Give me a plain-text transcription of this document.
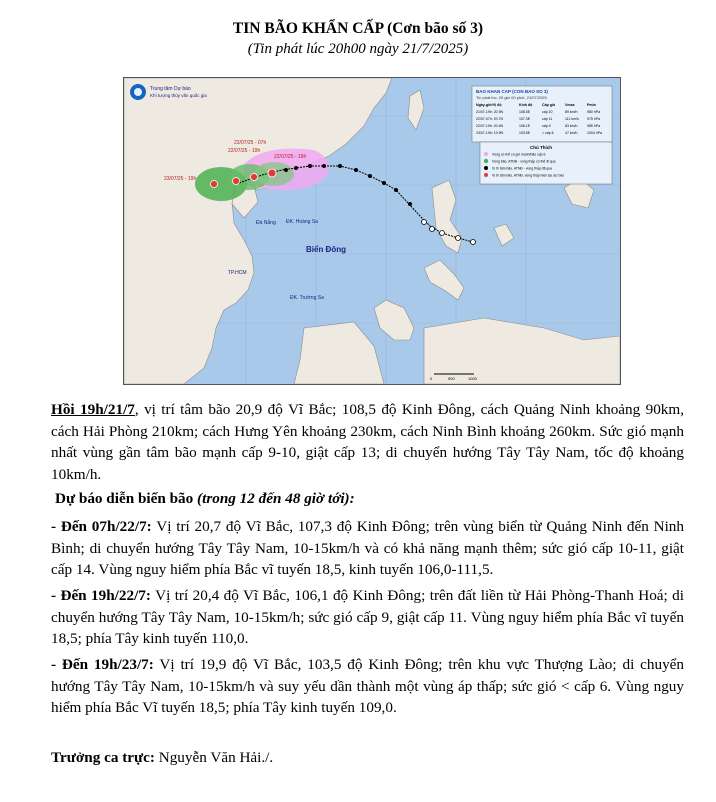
TIN BÃO KHẨN CẤP (Cơn bão số 3)
(Tin phát lúc 20h00 ngày 21/7/2025)
Trung tâm Dự báo
Khí tượng thủy văn quốc gia
22/07/25 - 19h
22/07/25 - 07h
22/07/25 - 19h
23/07/25 - 19h
Đà Nẵng ĐK. Hoàng Sa
Biển Đông
TP.HCM
ĐK. Trường Sa
BAO KHAN CAP (CON BAO SO 3)
Tin phát lúc: 20 giờ 00 phút, 21/07/2025
Ngày-giờ/Vị độ	Kinh độ	Cấp gió	Vmax	Pmin
21/07-19h: 20.9N	108.5E	cấp 10	89 km/h	980 hPa
22/07-07h: 20.7N	107.3E	cấp 11	111 km/h 975 hPa
22/07-19h: 20.4N	106.1E	cấp 9	83 km/h	985 hPa
23/07-19h: 19.9N	103.5E	< cấp 6	47 km/h	1004 hPa
Chú Thích
Vùng có thể có gió mạnh/bão cấp 6
Vùng bão, ATNĐ - vùng thấp có thể đi qua
Vị trí tâm bão, ATNĐ - vùng thấp đã qua
Vị trí tâm bão, ATNĐ, vùng thấp hiện tại, dự báo
0	500	1000
Hồi 19h/21/7, vị trí tâm bão 20,9 độ Vĩ Bắc; 108,5 độ Kinh Đông, cách Quảng Ninh khoảng 90km, cách Hải Phòng 210km; cách Hưng Yên khoảng 230km, cách Ninh Bình khoảng 260km. Sức gió mạnh nhất vùng gần tâm bão mạnh cấp 9-10, giật cấp 13; di chuyển hướng Tây Tây Nam, tốc độ khoảng 10km/h.
Dự báo diễn biến bão (trong 12 đến 48 giờ tới):
- Đến 07h/22/7: Vị trí 20,7 độ Vĩ Bắc, 107,3 độ Kinh Đông; trên vùng biển từ Quảng Ninh đến Ninh Bình; di chuyển hướng Tây Tây Nam, 10-15km/h và có khả năng mạnh thêm; sức gió cấp 10-11, giật cấp 14. Vùng nguy hiểm phía Bắc vĩ tuyến 18,5, kinh tuyến 106,0-111,5.
- Đến 19h/22/7: Vị trí 20,4 độ Vĩ Bắc, 106,1 độ Kinh Đông; trên đất liền từ Hải Phòng-Thanh Hoá; di chuyển hướng Tây Tây Nam, 10-15km/h; sức gió cấp 9, giật cấp 11. Vùng nguy hiểm phía Bắc vĩ tuyến 18,5; phía Tây kinh tuyến 110,0.
- Đến 19h/23/7: Vị trí 19,9 độ Vĩ Bắc, 103,5 độ Kinh Đông; trên khu vực Thượng Lào; di chuyển hướng Tây Tây Nam, 10-15km/h và suy yếu dần thành một vùng áp thấp; sức gió < cấp 6. Vùng nguy hiểm phía Bắc Vĩ tuyến 18,5; phía Tây kinh tuyến 109,0.
Trưởng ca trực: Nguyễn Văn Hải./.
